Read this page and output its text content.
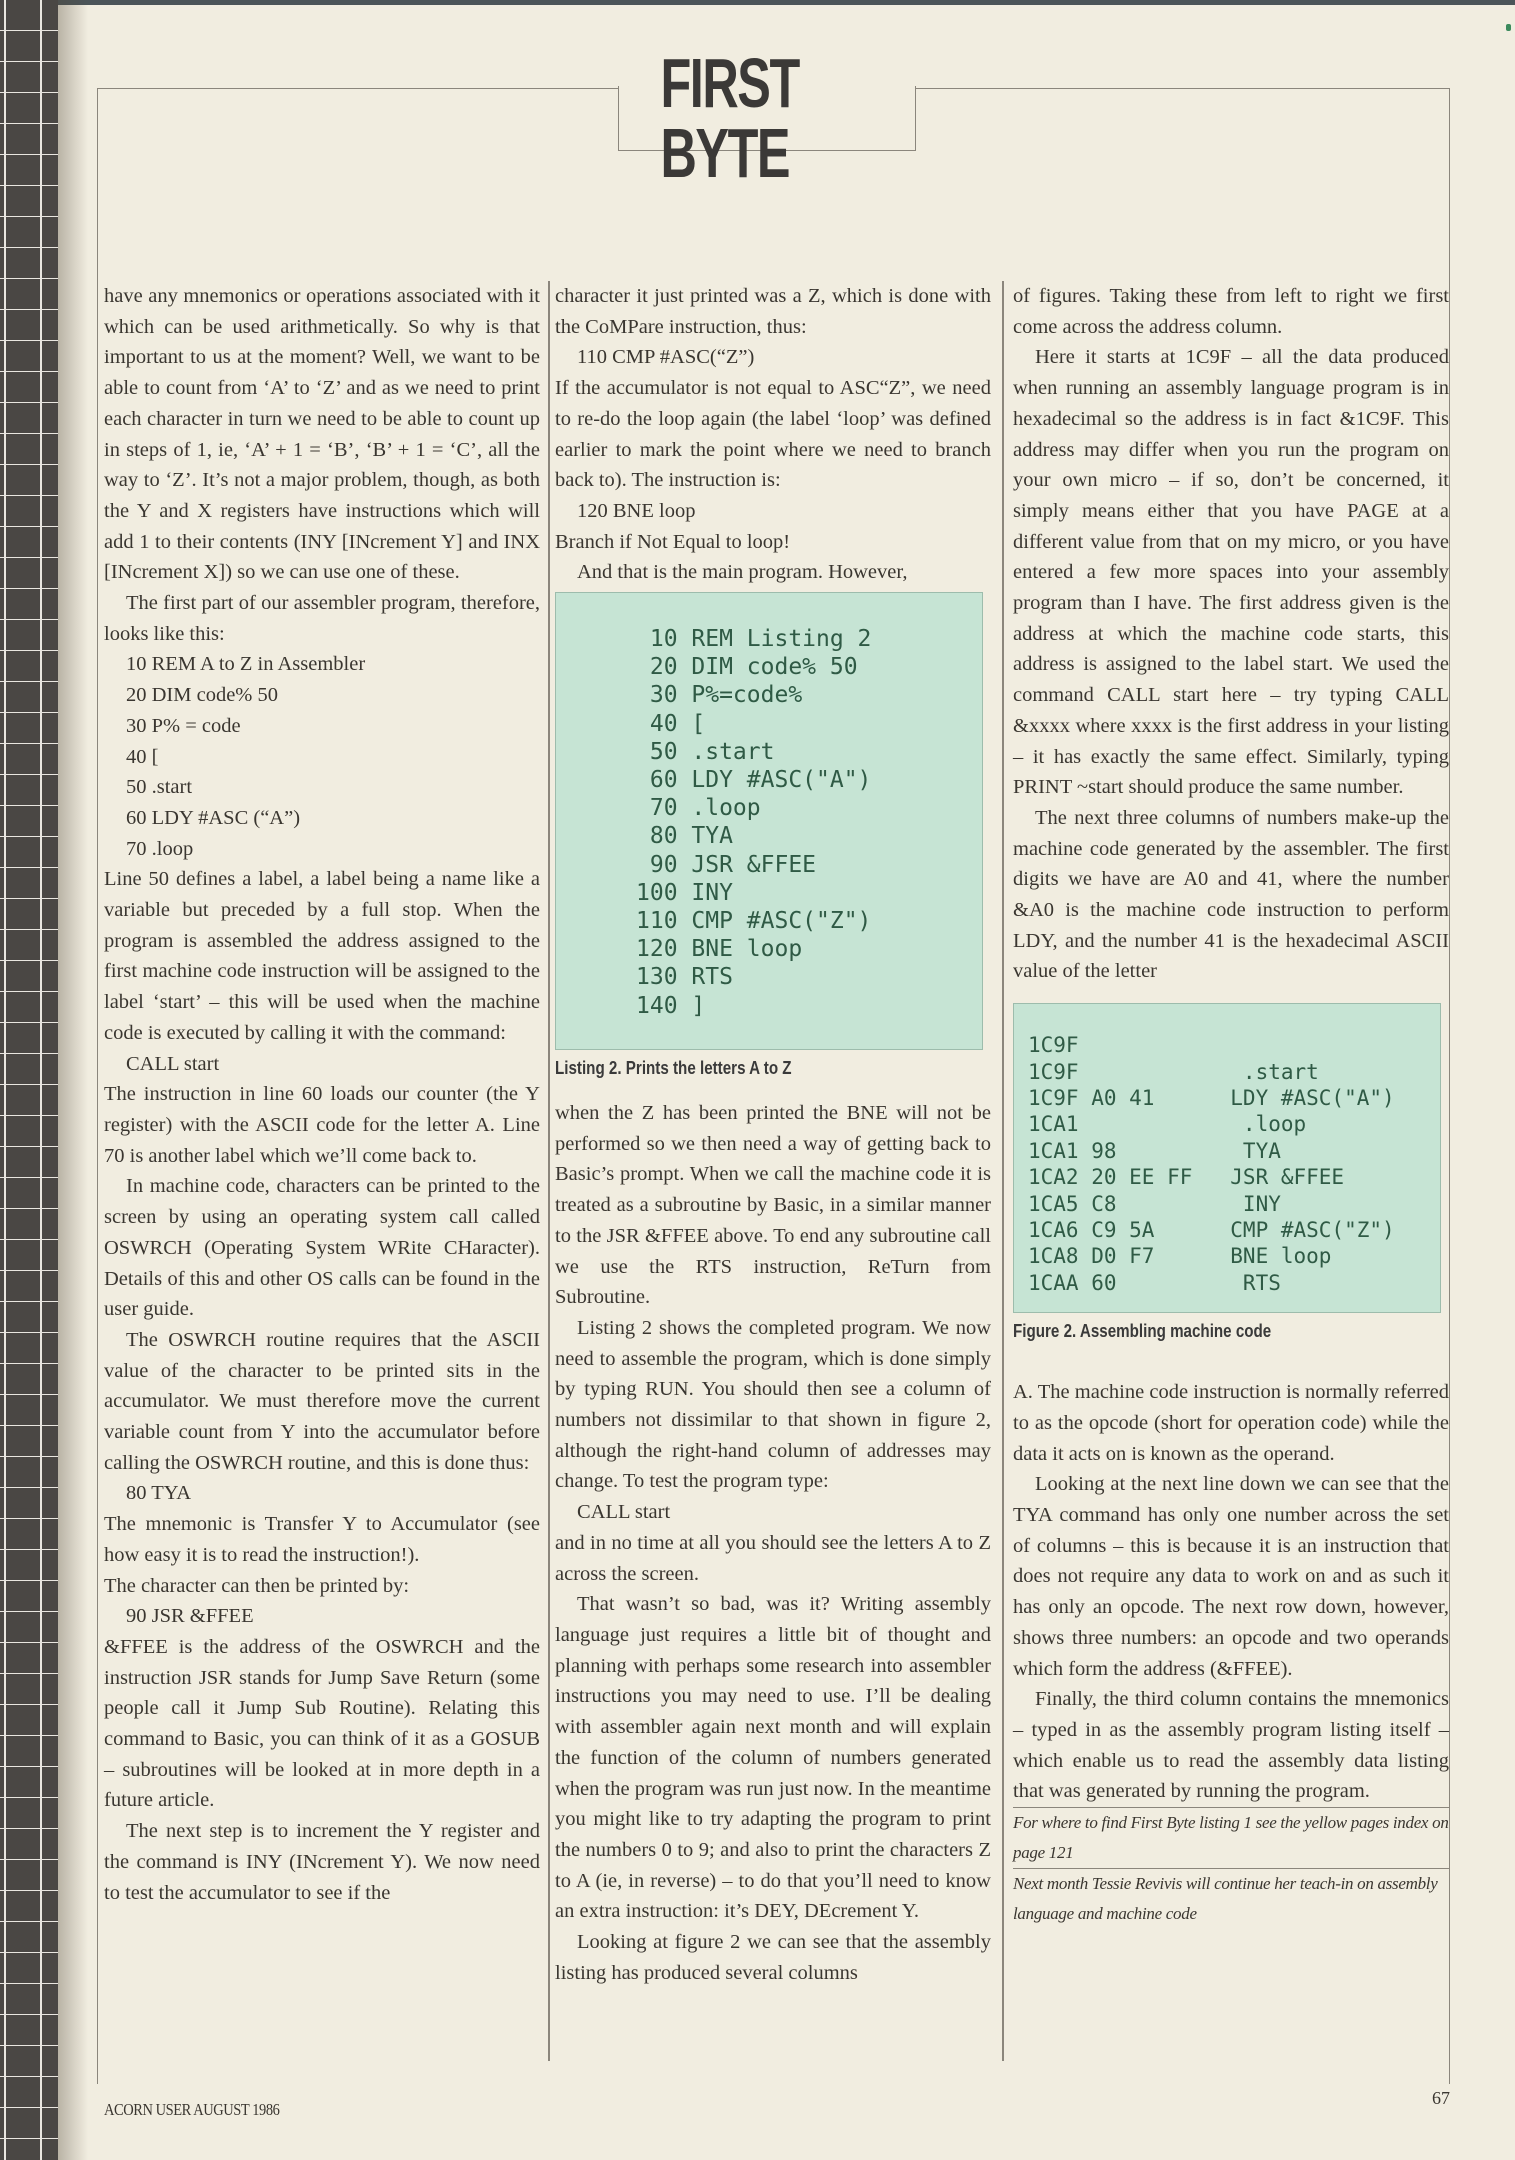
FIRST BYTE

have any mnemonics or operations associated with it which can be used arithmetically. So why is that important to us at the moment? Well, we want to be able to count from ‘A’ to ‘Z’ and as we need to print each character in turn we need to be able to count up in steps of 1, ie, ‘A’ + 1 = ‘B’, ‘B’ + 1 = ‘C’, all the way to ‘Z’. It’s not a major problem, though, as both the Y and X registers have instructions which will add 1 to their contents (INY [INcrement Y] and INX [INcrement X]) so we can use one of these.

The first part of our assembler program, therefore, looks like this:

10 REM A to Z in Assembler

20 DIM code% 50

30 P% = code

40 [

50 .start

60 LDY #ASC (“A”)

70 .loop

Line 50 defines a label, a label being a name like a variable but preceded by a full stop. When the program is assembled the address assigned to the first machine code instruction will be assigned to the label ‘start’ – this will be used when the machine code is executed by calling it with the command:

CALL start

The instruction in line 60 loads our counter (the Y register) with the ASCII code for the letter A. Line 70 is another label which we’ll come back to.

In machine code, characters can be printed to the screen by using an operating system call called OSWRCH (Operating System WRite CHaracter). Details of this and other OS calls can be found in the user guide.

The OSWRCH routine requires that the ASCII value of the character to be printed sits in the accumulator. We must therefore move the current variable count from Y into the accumulator before calling the OSWRCH routine, and this is done thus:

80 TYA

The mnemonic is Transfer Y to Accumulator (see how easy it is to read the instruction!).

The character can then be printed by:

90 JSR &FFEE

&FFEE is the address of the OSWRCH and the instruction JSR stands for Jump Save Return (some people call it Jump Sub Routine). Relating this command to Basic, you can think of it as a GOSUB – subroutines will be looked at in more depth in a future article.

The next step is to increment the Y register and the command is INY (INcrement Y). We now need to test the accumulator to see if the

character it just printed was a Z, which is done with the CoMPare instruction, thus:

110 CMP #ASC(“Z”)

If the accumulator is not equal to ASC“Z”, we need to re-do the loop again (the label ‘loop’ was defined earlier to mark the point where we need to branch back to). The instruction is:

120 BNE loop

Branch if Not Equal to loop!

And that is the main program. However,

10 REM Listing 2
20 DIM code% 50
30 P%=code%
40 [
50 .start
60 LDY #ASC("A")
70 .loop
80 TYA
90 JSR &FFEE
100 INY
110 CMP #ASC("Z")
120 BNE loop
130 RTS
140 ]
Listing 2. Prints the letters A to Z

when the Z has been printed the BNE will not be performed so we then need a way of getting back to Basic’s prompt. When we call the machine code it is treated as a subroutine by Basic, in a similar manner to the JSR &FFEE above. To end any subroutine call we use the RTS instruction, ReTurn from Subroutine.

Listing 2 shows the completed program. We now need to assemble the program, which is done simply by typing RUN. You should then see a column of numbers not dissimilar to that shown in figure 2, although the right-hand column of addresses may change. To test the program type:

CALL start

and in no time at all you should see the letters A to Z across the screen.

That wasn’t so bad, was it? Writing assembly language just requires a little bit of thought and planning with perhaps some research into assembler instructions you may need to use. I’ll be dealing with assembler again next month and will explain the function of the column of numbers generated when the program was run just now. In the meantime you might like to try adapting the program to print the numbers 0 to 9; and also to print the characters Z to A (ie, in reverse) – to do that you’ll need to know an extra instruction: it’s DEY, DEcrement Y.

Looking at figure 2 we can see that the assembly listing has produced several columns

of figures. Taking these from left to right we first come across the address column.

Here it starts at 1C9F – all the data produced when running an assembly language program is in hexadecimal so the address is in fact &1C9F. This address may differ when you run the program on your own micro – if so, don’t be concerned, it simply means either that you have PAGE at a different value from that on my micro, or you have entered a few more spaces into your assembly program than I have. The first address given is the address at which the machine code starts, this address is assigned to the label start. We used the command CALL start here – try typing CALL &xxxx where xxxx is the first address in your listing – it has exactly the same effect. Similarly, typing PRINT ~start should produce the same number.

The next three columns of numbers make-up the machine code generated by the assembler. The first digits we have are A0 and 41, where the number &A0 is the machine code instruction to perform LDY, and the number 41 is the hexadecimal ASCII value of the letter

1C9F
1C9F             .start
1C9F A0 41      LDY #ASC("A")
1CA1             .loop
1CA1 98          TYA
1CA2 20 EE FF   JSR &FFEE
1CA5 C8          INY
1CA6 C9 5A      CMP #ASC("Z")
1CA8 D0 F7      BNE loop
1CAA 60          RTS
Figure 2. Assembling machine code

A. The machine code instruction is normally referred to as the opcode (short for operation code) while the data it acts on is known as the operand.

Looking at the next line down we can see that the TYA command has only one number across the set of columns – this is because it is an instruction that does not require any data to work on and as such it has only an opcode. The next row down, however, shows three numbers: an opcode and two operands which form the address (&FFEE).

Finally, the third column contains the mnemonics – typed in as the assembly program listing itself – which enable us to read the assembly data listing that was generated by running the program.

For where to find First Byte listing 1 see the yellow pages index on page 121
Next month Tessie Revivis will continue her teach-in on assembly language and machine code
ACORN USER AUGUST 1986
67
